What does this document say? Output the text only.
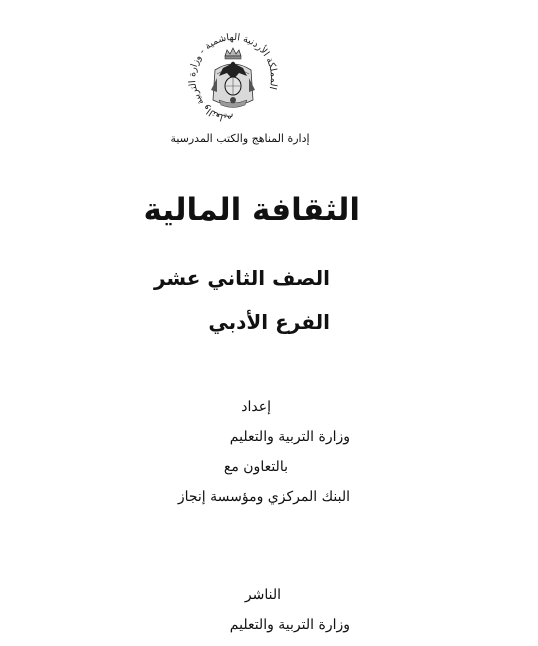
المملكة الأردنية الهاشمية - وزارة التربية والتعليم
إدارة المناهج والكتب المدرسية
الثقافة المالية
الصف الثاني عشر
الفرع الأدبي
إعداد
وزارة التربية والتعليم
بالتعاون مع
البنك المركزي ومؤسسة إنجاز
الناشر
وزارة التربية والتعليم
